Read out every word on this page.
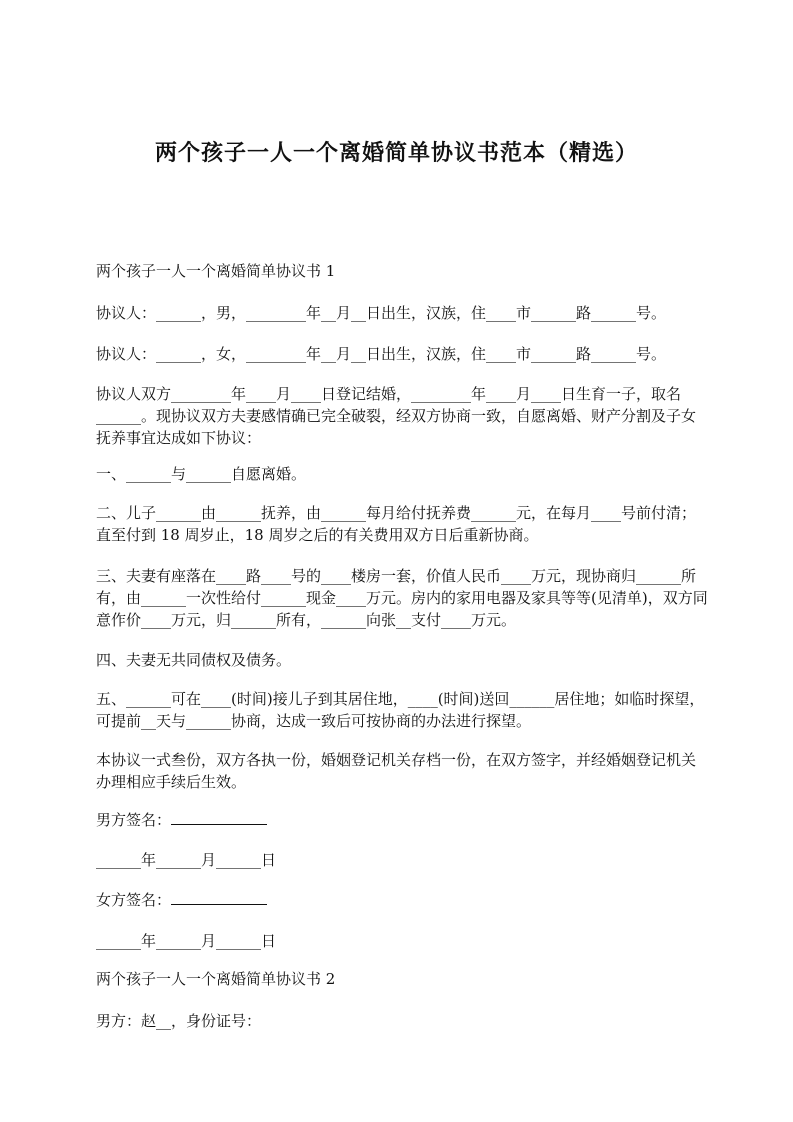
两个孩子一人一个离婚简单协议书范本（精选）

两个孩子一人一个离婚简单协议书 1

协议人：______，男，________年__月__日出生，汉族，住____市______路______号。

协议人：______，女，________年__月__日出生，汉族，住____市______路______号。

协议人双方________年____月____日登记结婚，________年____月____日生育一子，取名______。现协议双方夫妻感情确已完全破裂，经双方协商一致，自愿离婚、财产分割及子女抚养事宜达成如下协议：

一、______与______自愿离婚。

二、儿子______由______抚养，由______每月给付抚养费______元，在每月____号前付清；直至付到 18 周岁止，18 周岁之后的有关费用双方日后重新协商。

三、夫妻有座落在____路____号的____楼房一套，价值人民币____万元，现协商归______所有，由______一次性给付______现金____万元。房内的家用电器及家具等等(见清单)，双方同意作价____万元，归______所有，______向张__支付____万元。

四、夫妻无共同债权及债务。

五、______可在____(时间)接儿子到其居住地，____(时间)送回______居住地；如临时探望，可提前__天与______协商，达成一致后可按协商的办法进行探望。

本协议一式叁份，双方各执一份，婚姻登记机关存档一份，在双方签字，并经婚姻登记机关办理相应手续后生效。

男方签名：

______年______月______日

女方签名：

______年______月______日

两个孩子一人一个离婚简单协议书 2

男方：赵__，身份证号：
